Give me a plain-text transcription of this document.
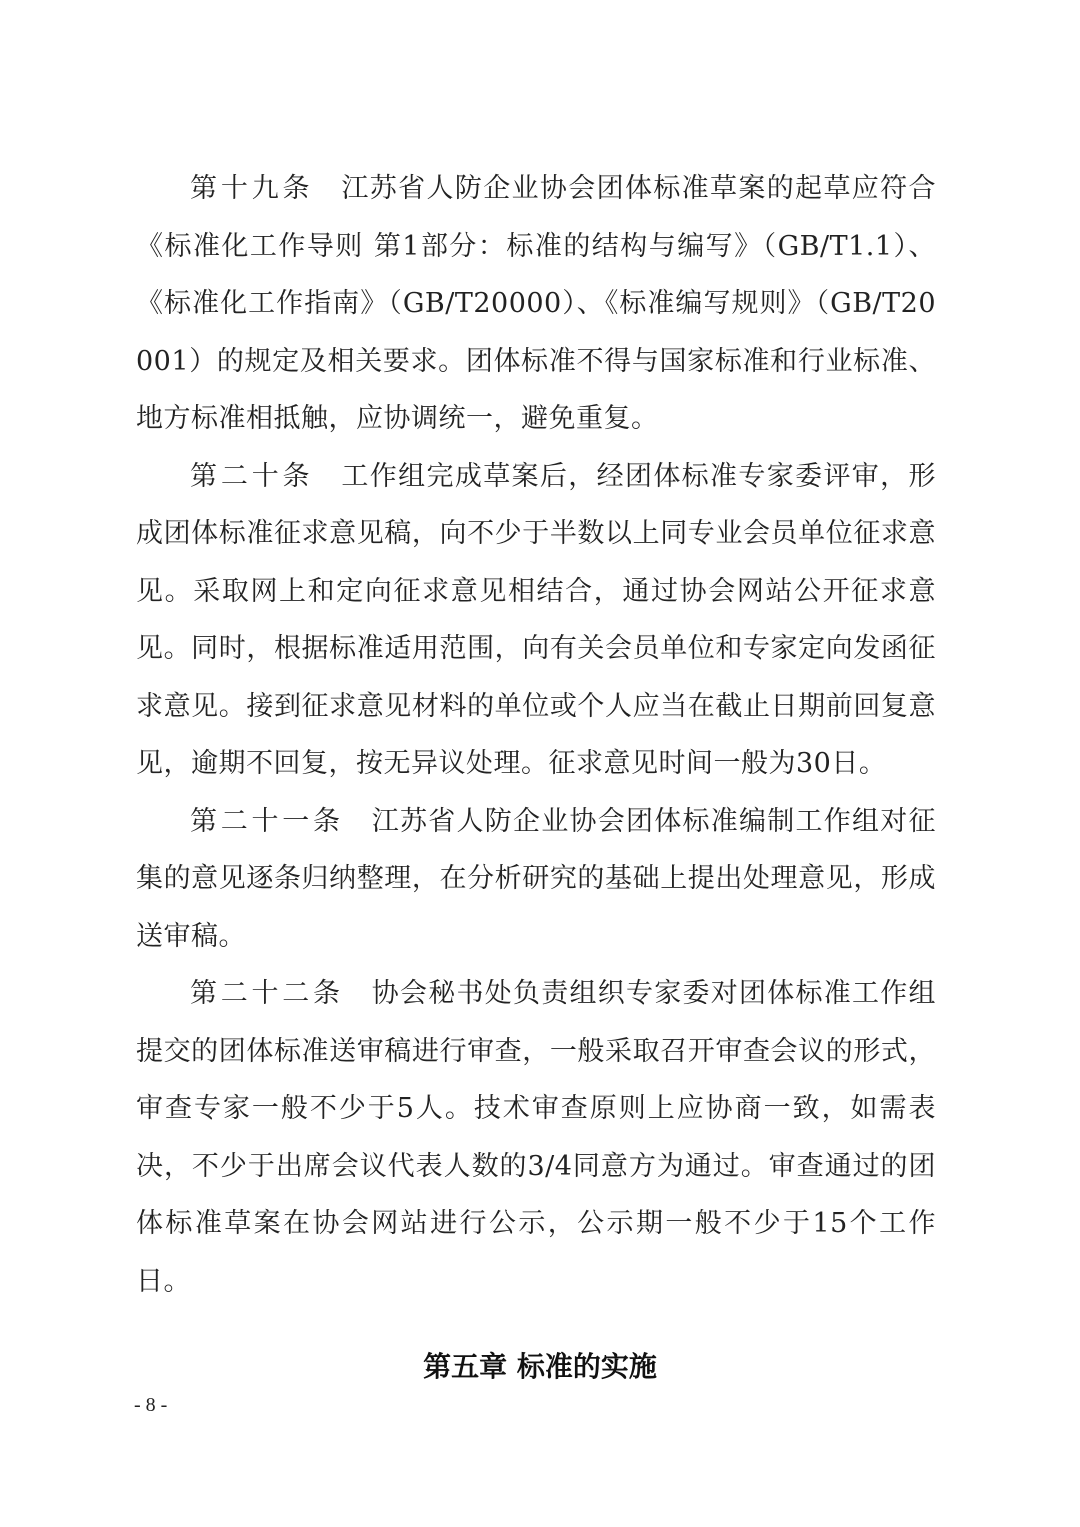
第十九条 江苏省人防企业协会团体标准草案的起草应符合《标准化工作导则 第1部分：标准的结构与编写》（GB/T1.1）、《标准化工作指南》（GB/T20000）、《标准编写规则》（GB/T20001）的规定及相关要求。团体标准不得与国家标准和行业标准、地方标准相抵触，应协调统一，避免重复。

第二十条 工作组完成草案后，经团体标准专家委评审，形成团体标准征求意见稿，向不少于半数以上同专业会员单位征求意见。采取网上和定向征求意见相结合，通过协会网站公开征求意见。同时，根据标准适用范围，向有关会员单位和专家定向发函征求意见。接到征求意见材料的单位或个人应当在截止日期前回复意见，逾期不回复，按无异议处理。征求意见时间一般为30日。

第二十一条 江苏省人防企业协会团体标准编制工作组对征集的意见逐条归纳整理，在分析研究的基础上提出处理意见，形成送审稿。

第二十二条 协会秘书处负责组织专家委对团体标准工作组提交的团体标准送审稿进行审查，一般采取召开审查会议的形式，审查专家一般不少于5人。技术审查原则上应协商一致，如需表决，不少于出席会议代表人数的3/4同意方为通过。审查通过的团体标准草案在协会网站进行公示，公示期一般不少于15个工作日。

第五章 标准的实施
- 8 -
